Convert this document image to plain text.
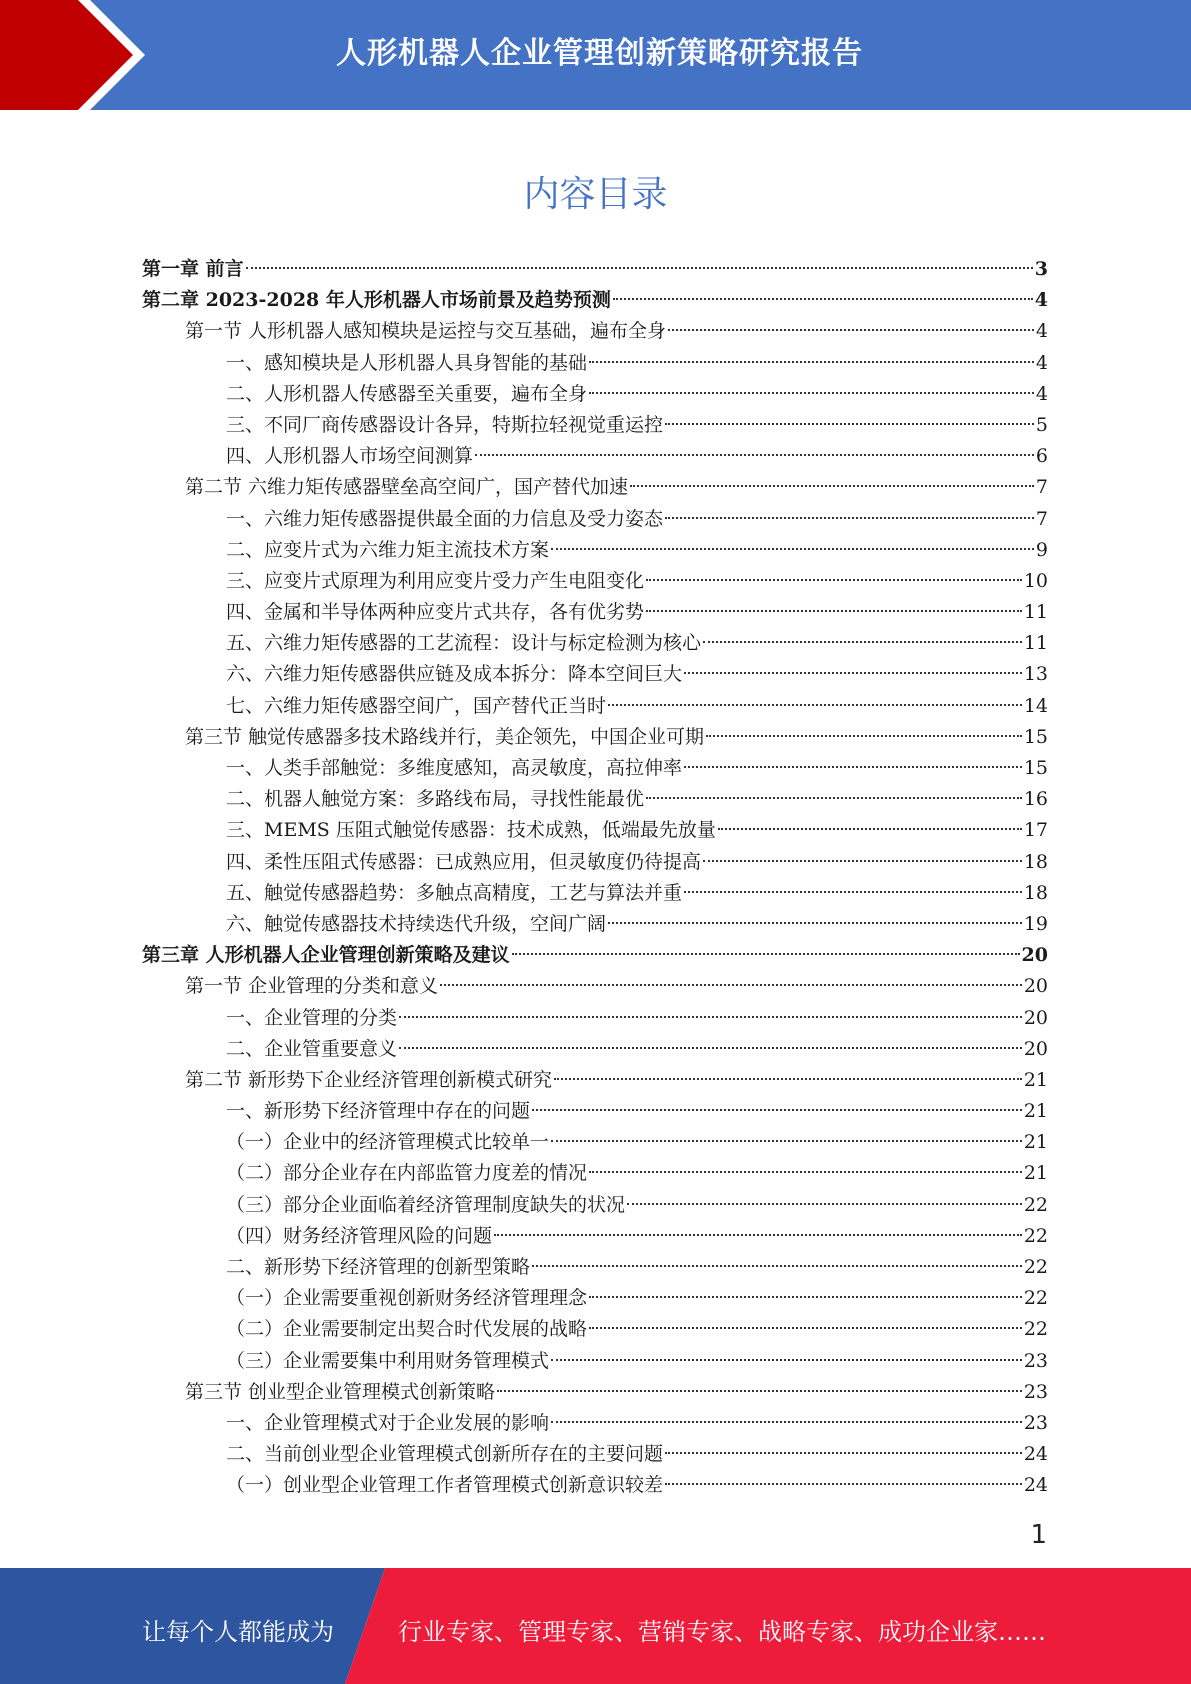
人形机器人企业管理创新策略研究报告
内容目录
第一章 前言	3
第二章 2023-2028 年人形机器人市场前景及趋势预测	4
第一节 人形机器人感知模块是运控与交互基础，遍布全身	4
一、感知模块是人形机器人具身智能的基础	4
二、人形机器人传感器至关重要，遍布全身	4
三、不同厂商传感器设计各异，特斯拉轻视觉重运控	5
四、人形机器人市场空间测算	6
第二节 六维力矩传感器壁垒高空间广，国产替代加速	7
一、六维力矩传感器提供最全面的力信息及受力姿态	7
二、应变片式为六维力矩主流技术方案	9
三、应变片式原理为利用应变片受力产生电阻变化	10
四、金属和半导体两种应变片式共存，各有优劣势	11
五、六维力矩传感器的工艺流程：设计与标定检测为核心	11
六、六维力矩传感器供应链及成本拆分：降本空间巨大	13
七、六维力矩传感器空间广，国产替代正当时	14
第三节 触觉传感器多技术路线并行，美企领先，中国企业可期	15
一、人类手部触觉：多维度感知，高灵敏度，高拉伸率	15
二、机器人触觉方案：多路线布局，寻找性能最优	16
三、MEMS 压阻式触觉传感器：技术成熟，低端最先放量	17
四、柔性压阻式传感器：已成熟应用，但灵敏度仍待提高	18
五、触觉传感器趋势：多触点高精度，工艺与算法并重	18
六、触觉传感器技术持续迭代升级，空间广阔	19
第三章 人形机器人企业管理创新策略及建议	20
第一节 企业管理的分类和意义	20
一、企业管理的分类	20
二、企业管重要意义	20
第二节 新形势下企业经济管理创新模式研究	21
一、新形势下经济管理中存在的问题	21
（一）企业中的经济管理模式比较单一	21
（二）部分企业存在内部监管力度差的情况	21
（三）部分企业面临着经济管理制度缺失的状况	22
（四）财务经济管理风险的问题	22
二、新形势下经济管理的创新型策略	22
（一）企业需要重视创新财务经济管理理念	22
（二）企业需要制定出契合时代发展的战略	22
（三）企业需要集中利用财务管理模式	23
第三节 创业型企业管理模式创新策略	23
一、企业管理模式对于企业发展的影响	23
二、当前创业型企业管理模式创新所存在的主要问题	24
（一）创业型企业管理工作者管理模式创新意识较差	24
1
让每个人都能成为	行业专家、管理专家、营销专家、战略专家、成功企业家……
